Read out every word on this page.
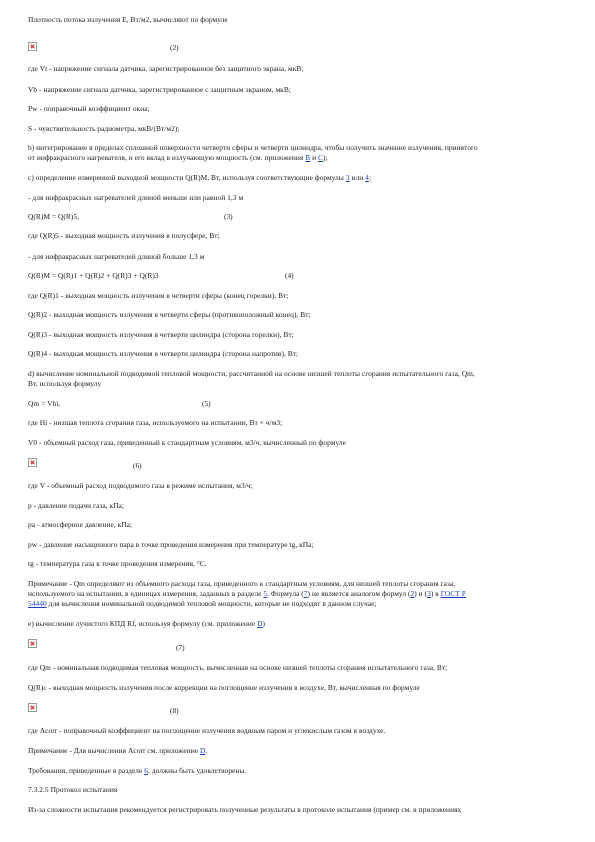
Плотность потока излучения E, Вт/м2, вычисляют по формуле
(2)
где Vt - напряжение сигнала датчика, зарегистрированное без защитного экрана, мкВ;
Vb - напряжение сигнала датчика, зарегистрированное с защитным экраном, мкВ;
Pw - поправочный коэффициент окна;
S - чувствительность радиометра, мкВ/(Вт/м2);
b) интегрирование в пределах сплошной поверхности четверти сферы и четверти цилиндра, чтобы получить значение излучения, принятого
от инфракрасного нагревателя, и его вклад в излучающую мощность (см. приложения B и C);
c) определение измеренной выходной мощности Q(R)M, Вт, используя соответствующие формулы 3 или 4:
- для инфракрасных нагревателей длиной меньше или равной 1,3 м
Q(R)M = Q(R)5,	(3)
где Q(R)5 - выходная мощность излучения в полусфере, Вт;
- для инфракрасных нагревателей длиной больше 1,3 м
Q(R)M = Q(R)1 + Q(R)2 + Q(R)3 + Q(R)3	(4)
где Q(R)1 - выходная мощность излучения в четверти сферы (конец горелки), Вт;
Q(R)2 - выходная мощность излучения в четверти сферы (противоположный конец), Вт;
Q(R)3 - выходная мощность излучения в четверти цилиндра (сторона горелки), Вт;
Q(R)4 - выходная мощность излучения в четверти цилиндра (сторона напротив), Вт;
d) вычисление номинальной подводимой тепловой мощности, рассчитанной на основе низшей теплоты сгорания испытательного газа, Qm,
Вт, используя формулу
Qm = Vhi,	(5)
где Hi - низшая теплота сгорания газа, используемого на испытании, Вт × ч/м3;
V0 - объемный расход газа, приведенный к стандартным условиям, м3/ч, вычисленный по формуле
(6)
где V - объемный расход подводимого газа в режиме испытания, м3/ч;
p - давление подачи газа, кПа;
pa - атмосферное давление, кПа;
pw - давление насыщенного пара в точке проведения измерения при температуре tg, кПа;
tg - температура газа в точке проведения измерения, °С.
Примечание - Qm определяют из объемного расхода газа, приведенного к стандартным условиям, для низшей теплоты сгорания газа,
используемого на испытании, в единицах измерения, заданных в разделе 5. Формула (7) не является аналогом формул (2) и (3) в ГОСТ Р
54440 для вычисления номинальной подводимой тепловой мощности, которые не подходят в данном случае;
e) вычисление лучистого КПД Rf, используя формулу (см. приложение D)
(7)
где Qm - номинальная подводимая тепловая мощность, вычисленная на основе низшей теплоты сгорания испытательного газа, Вт;
Q(R)c - выходная мощность излучения после коррекции на поглощение излучения в воздухе, Вт, вычисленная по формуле
(8)
где Acorr - поправочный коэффициент на поглощение излучения водяным паром и углекислым газом в воздухе.
Примечание - Для вычисления Acorr см. приложение D.
Требования, приведенные в разделе 6, должны быть удовлетворены.
7.3.2.5 Протокол испытания
Из-за сложности испытания рекомендуется регистрировать полученные результаты в протоколе испытания (пример см. в приложениях
